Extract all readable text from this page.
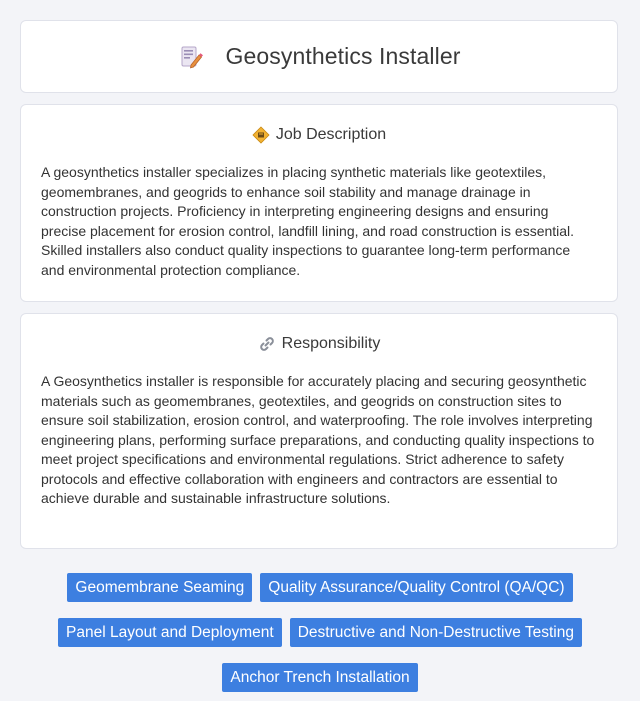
Geosynthetics Installer
Job Description
A geosynthetics installer specializes in placing synthetic materials like geotextiles, geomembranes, and geogrids to enhance soil stability and manage drainage in construction projects. Proficiency in interpreting engineering designs and ensuring precise placement for erosion control, landfill lining, and road construction is essential. Skilled installers also conduct quality inspections to guarantee long-term performance and environmental protection compliance.
Responsibility
A Geosynthetics installer is responsible for accurately placing and securing geosynthetic materials such as geomembranes, geotextiles, and geogrids on construction sites to ensure soil stabilization, erosion control, and waterproofing. The role involves interpreting engineering plans, performing surface preparations, and conducting quality inspections to meet project specifications and environmental regulations. Strict adherence to safety protocols and effective collaboration with engineers and contractors are essential to achieve durable and sustainable infrastructure solutions.
Geomembrane Seaming	Quality Assurance/Quality Control (QA/QC)
Panel Layout and Deployment	Destructive and Non-Destructive Testing
Anchor Trench Installation
